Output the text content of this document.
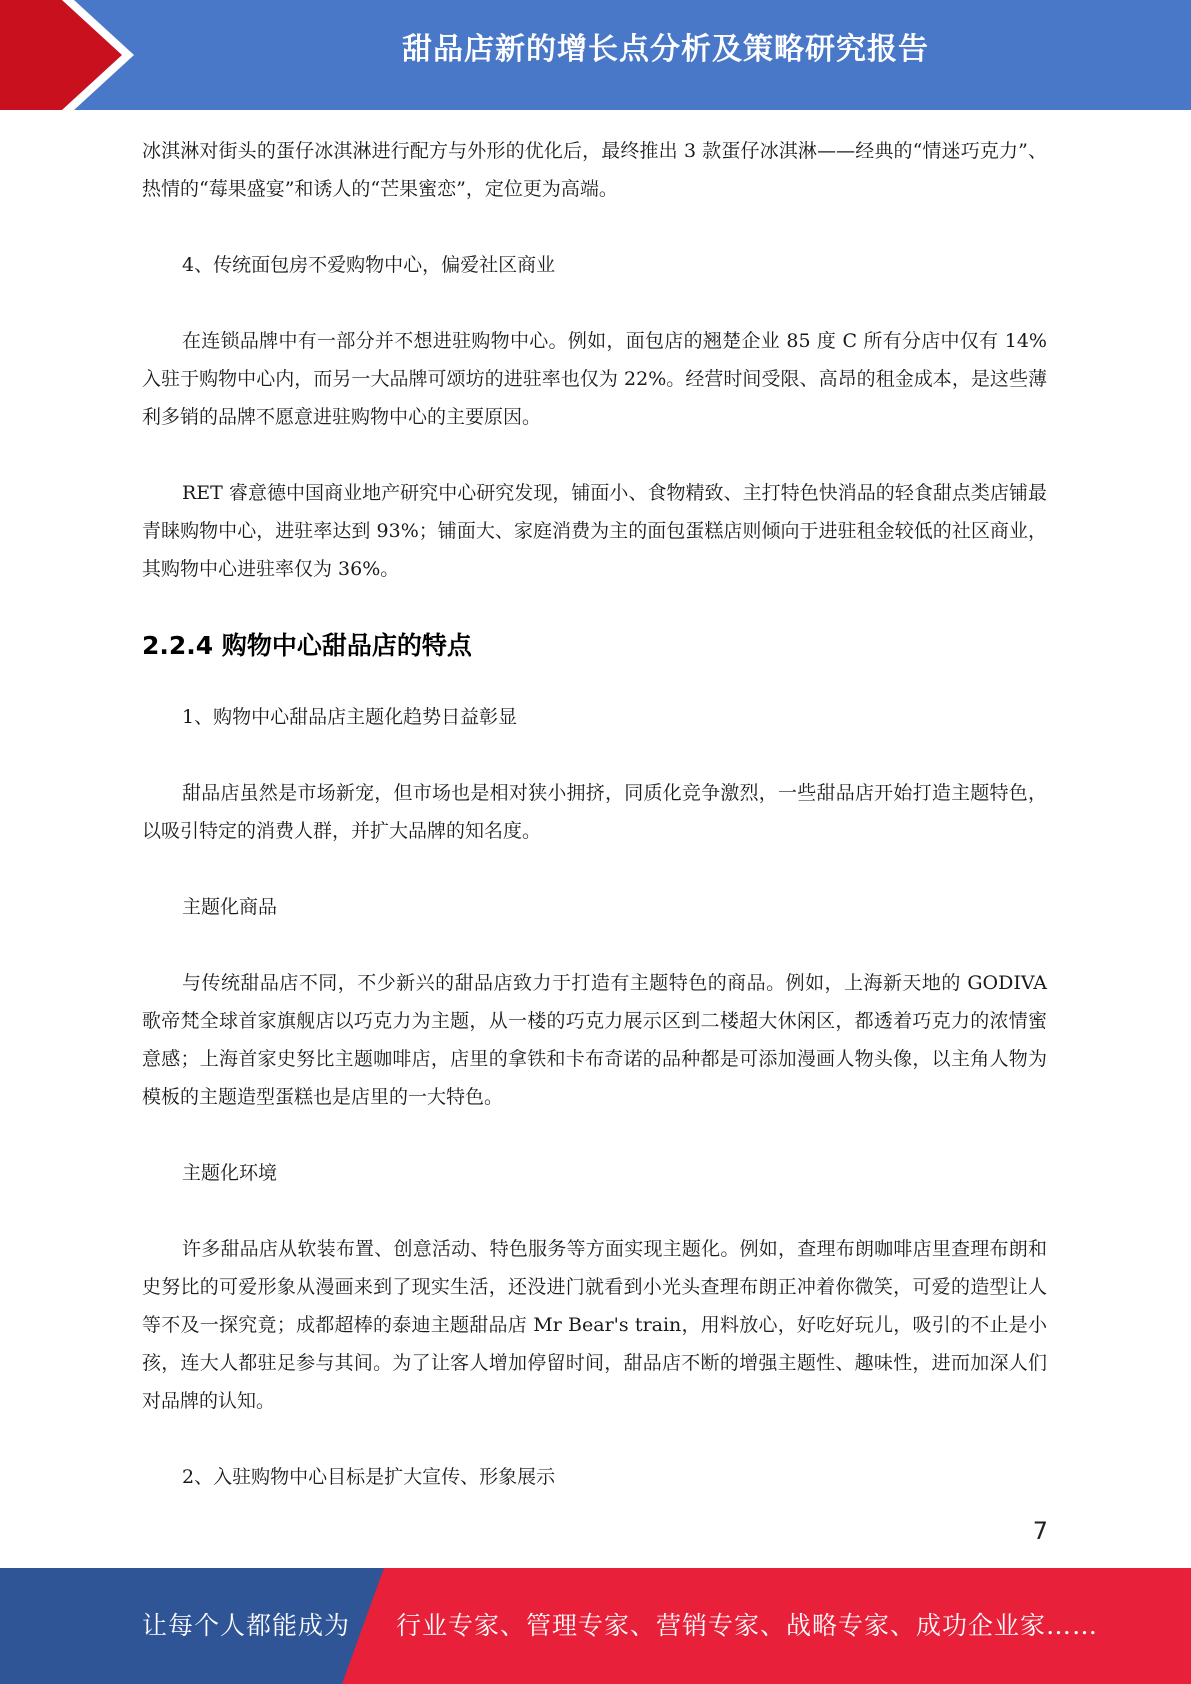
甜品店新的增长点分析及策略研究报告

冰淇淋对街头的蛋仔冰淇淋进行配方与外形的优化后，最终推出 3 款蛋仔冰淇淋——经典的“情迷巧克力”、热情的“莓果盛宴”和诱人的“芒果蜜恋”，定位更为高端。

4、传统面包房不爱购物中心，偏爱社区商业

在连锁品牌中有一部分并不想进驻购物中心。例如，面包店的翘楚企业 85 度 C 所有分店中仅有 14%入驻于购物中心内，而另一大品牌可颂坊的进驻率也仅为 22%。经营时间受限、高昂的租金成本，是这些薄利多销的品牌不愿意进驻购物中心的主要原因。

RET 睿意德中国商业地产研究中心研究发现，铺面小、食物精致、主打特色快消品的轻食甜点类店铺最青睐购物中心，进驻率达到 93%；铺面大、家庭消费为主的面包蛋糕店则倾向于进驻租金较低的社区商业，其购物中心进驻率仅为 36%。

2.2.4 购物中心甜品店的特点

1、购物中心甜品店主题化趋势日益彰显

甜品店虽然是市场新宠，但市场也是相对狭小拥挤，同质化竞争激烈，一些甜品店开始打造主题特色，以吸引特定的消费人群，并扩大品牌的知名度。

主题化商品

与传统甜品店不同，不少新兴的甜品店致力于打造有主题特色的商品。例如，上海新天地的 GODIVA 歌帝梵全球首家旗舰店以巧克力为主题，从一楼的巧克力展示区到二楼超大休闲区，都透着巧克力的浓情蜜意感；上海首家史努比主题咖啡店，店里的拿铁和卡布奇诺的品种都是可添加漫画人物头像，以主角人物为模板的主题造型蛋糕也是店里的一大特色。

主题化环境

许多甜品店从软装布置、创意活动、特色服务等方面实现主题化。例如，查理布朗咖啡店里查理布朗和史努比的可爱形象从漫画来到了现实生活，还没进门就看到小光头查理布朗正冲着你微笑，可爱的造型让人等不及一探究竟；成都超棒的泰迪主题甜品店 Mr Bear's train，用料放心，好吃好玩儿，吸引的不止是小孩，连大人都驻足参与其间。为了让客人增加停留时间，甜品店不断的增强主题性、趣味性，进而加深人们对品牌的认知。

2、入驻购物中心目标是扩大宣传、形象展示

7
让每个人都能成为 行业专家、管理专家、营销专家、战略专家、成功企业家……
